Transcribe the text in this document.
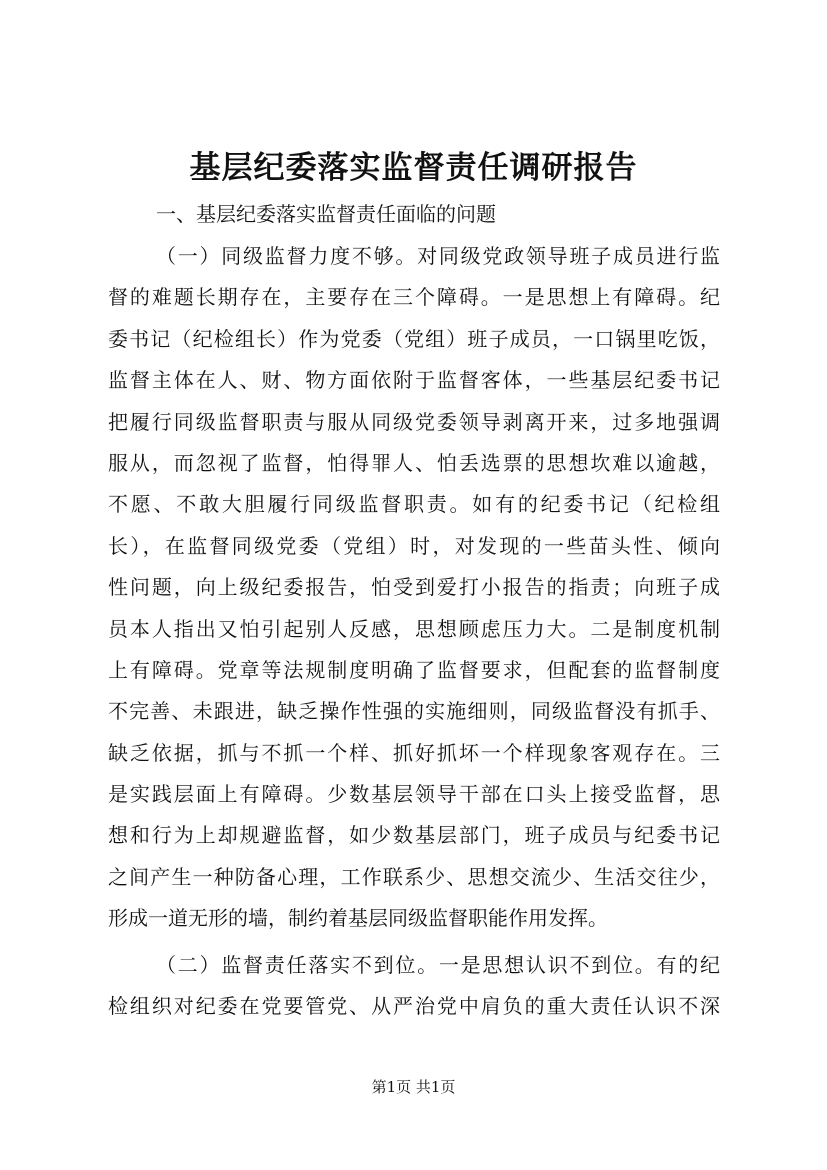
基层纪委落实监督责任调研报告

一、基层纪委落实监督责任面临的问题

（一）同级监督力度不够。对同级党政领导班子成员进行监
督的难题长期存在，主要存在三个障碍。一是思想上有障碍。纪
委书记（纪检组长）作为党委（党组）班子成员，一口锅里吃饭，
监督主体在人、财、物方面依附于监督客体，一些基层纪委书记
把履行同级监督职责与服从同级党委领导剥离开来，过多地强调
服从，而忽视了监督，怕得罪人、怕丢选票的思想坎难以逾越，
不愿、不敢大胆履行同级监督职责。如有的纪委书记（纪检组
长），在监督同级党委（党组）时，对发现的一些苗头性、倾向
性问题，向上级纪委报告，怕受到爱打小报告的指责；向班子成
员本人指出又怕引起别人反感，思想顾虑压力大。二是制度机制
上有障碍。党章等法规制度明确了监督要求，但配套的监督制度
不完善、未跟进，缺乏操作性强的实施细则，同级监督没有抓手、
缺乏依据，抓与不抓一个样、抓好抓坏一个样现象客观存在。三
是实践层面上有障碍。少数基层领导干部在口头上接受监督，思
想和行为上却规避监督，如少数基层部门，班子成员与纪委书记
之间产生一种防备心理，工作联系少、思想交流少、生活交往少，
形成一道无形的墙，制约着基层同级监督职能作用发挥。
（二）监督责任落实不到位。一是思想认识不到位。有的纪
检组织对纪委在党要管党、从严治党中肩负的重大责任认识不深

第1页 共1页
